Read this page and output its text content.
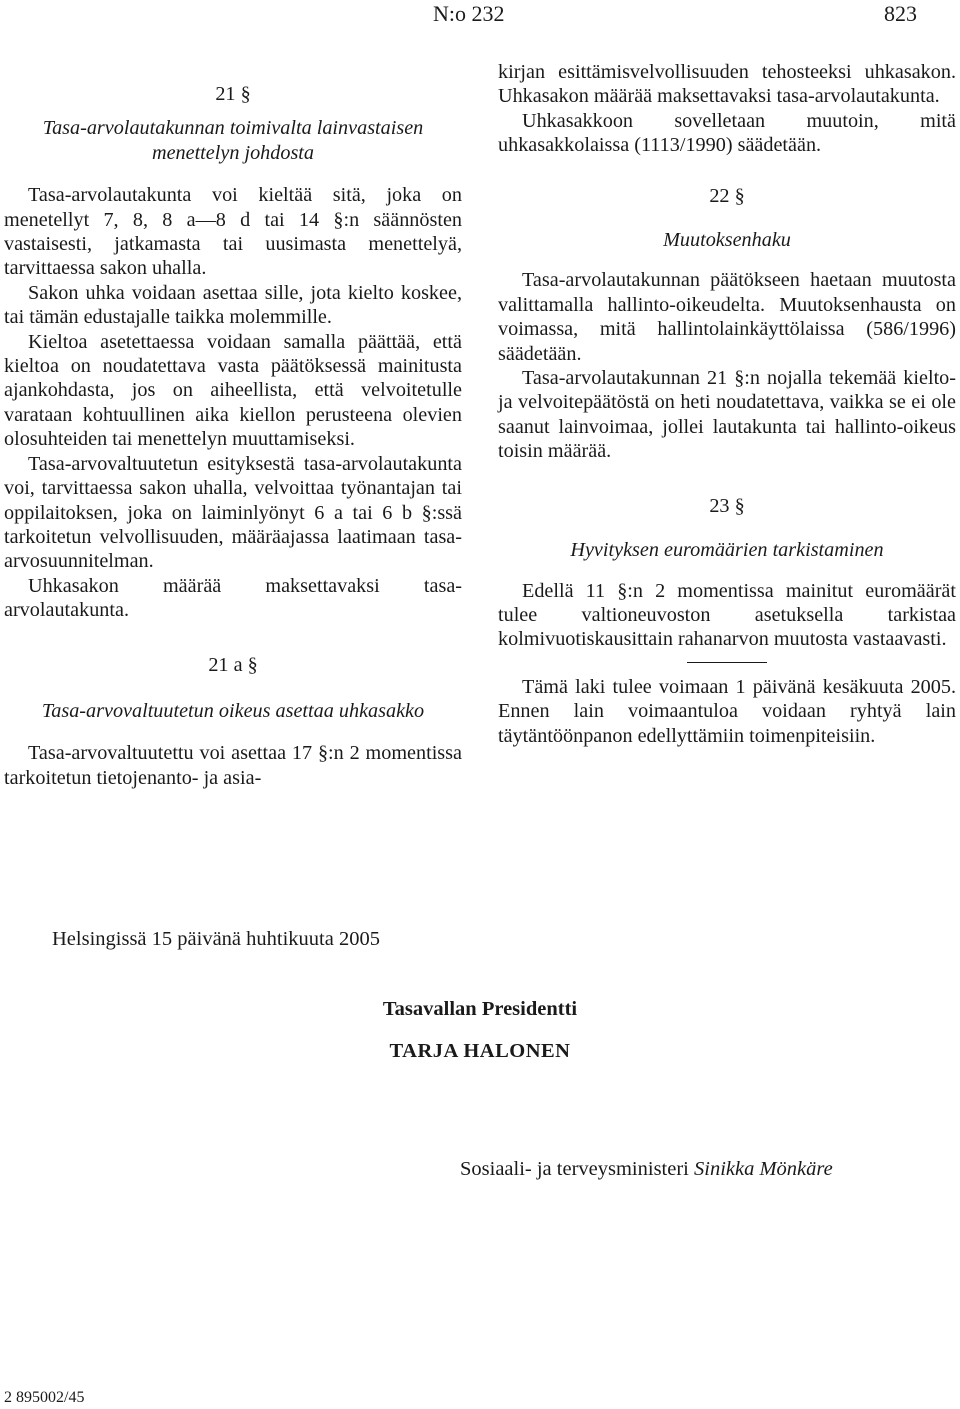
N:o 232	823
21 §
Tasa-arvolautakunnan toimivalta lainvastaisen menettelyn johdosta

Tasa-arvolautakunta voi kieltää sitä, joka on menetellyt 7, 8, 8 a—8 d tai 14 §:n säännösten vastaisesti, jatkamasta tai uusimasta menettelyä, tarvittaessa sakon uhalla.

Sakon uhka voidaan asettaa sille, jota kielto koskee, tai tämän edustajalle taikka molemmille.

Kieltoa asetettaessa voidaan samalla päättää, että kieltoa on noudatettava vasta päätöksessä mainitusta ajankohdasta, jos on aiheellista, että velvoitetulle varataan kohtuullinen aika kiellon perusteena olevien olosuhteiden tai menettelyn muuttamiseksi.

Tasa-arvovaltuutetun esityksestä tasa-arvolautakunta voi, tarvittaessa sakon uhalla, velvoittaa työnantajan tai oppilaitoksen, joka on laiminlyönyt 6 a tai 6 b §:ssä tarkoitetun velvollisuuden, määräajassa laatimaan tasa-arvosuunnitelman.

Uhkasakon määrää maksettavaksi tasa-arvolautakunta.

21 a §
Tasa-arvovaltuutetun oikeus asettaa uhkasakko

Tasa-arvovaltuutettu voi asettaa 17 §:n 2 momentissa tarkoitetun tietojenanto- ja asia-

kirjan esittämisvelvollisuuden tehosteeksi uhkasakon. Uhkasakon määrää maksettavaksi tasa-arvolautakunta.

Uhkasakkoon sovelletaan muutoin, mitä uhkasakkolaissa (1113/1990) säädetään.

22 §
Muutoksenhaku

Tasa-arvolautakunnan päätökseen haetaan muutosta valittamalla hallinto-oikeudelta. Muutoksenhausta on voimassa, mitä hallintolainkäyttölaissa (586/1996) säädetään.

Tasa-arvolautakunnan 21 §:n nojalla tekemää kielto- ja velvoitepäätöstä on heti noudatettava, vaikka se ei ole saanut lainvoimaa, jollei lautakunta tai hallinto-oikeus toisin määrää.

23 §
Hyvityksen euromäärien tarkistaminen

Edellä 11 §:n 2 momentissa mainitut euromäärät tulee valtioneuvoston asetuksella tarkistaa kolmivuotiskausittain rahanarvon muutosta vastaavasti.

Tämä laki tulee voimaan 1 päivänä kesäkuuta 2005. Ennen lain voimaantuloa voidaan ryhtyä lain täytäntöönpanon edellyttämiin toimenpiteisiin.

Helsingissä 15 päivänä huhtikuuta 2005
Tasavallan Presidentti
TARJA HALONEN
Sosiaali- ja terveysministeri Sinikka Mönkäre
2 895002/45
